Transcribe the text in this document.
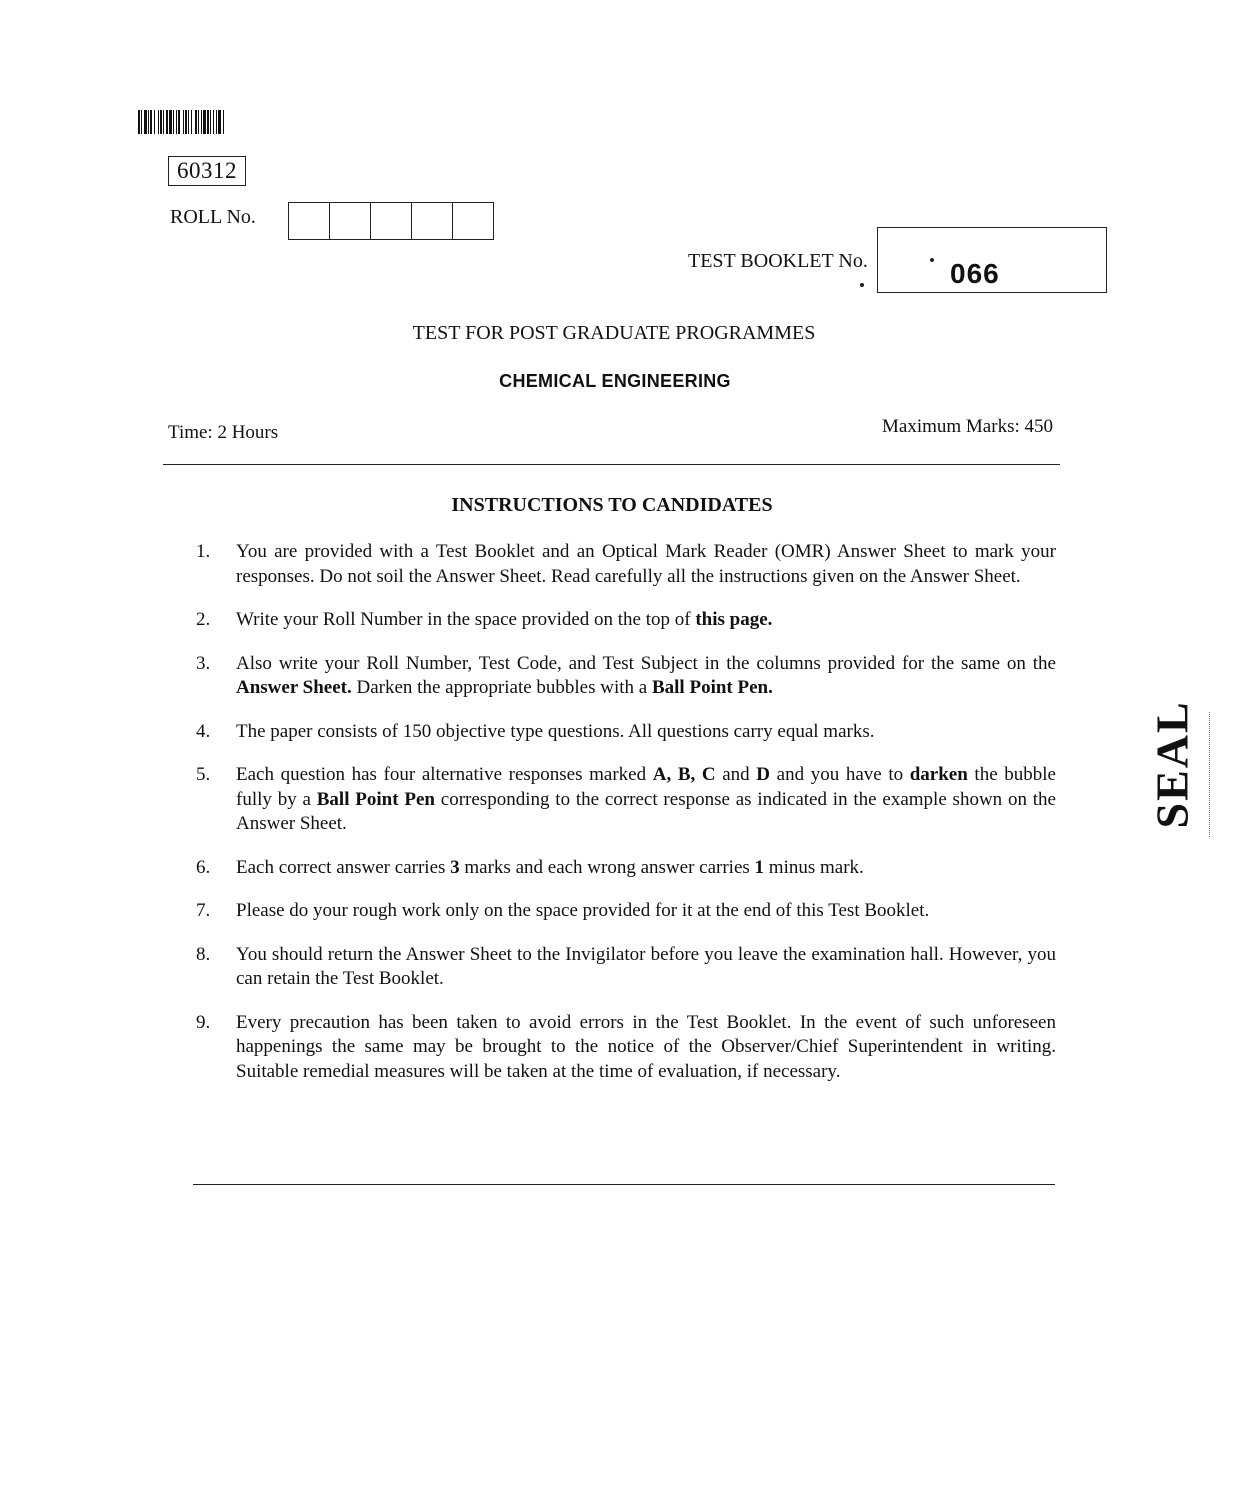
60312
ROLL No.
TEST BOOKLET No.	066
TEST FOR POST GRADUATE PROGRAMMES
CHEMICAL ENGINEERING
Time: 2 Hours	Maximum Marks: 450
INSTRUCTIONS TO CANDIDATES
1.	You are provided with a Test Booklet and an Optical Mark Reader (OMR) Answer Sheet to mark your responses. Do not soil the Answer Sheet. Read carefully all the instructions given on the Answer Sheet.
2.	Write your Roll Number in the space provided on the top of this page.
3.	Also write your Roll Number, Test Code, and Test Subject in the columns provided for the same on the Answer Sheet. Darken the appropriate bubbles with a Ball Point Pen.
4.	The paper consists of 150 objective type questions. All questions carry equal marks.
5.	Each question has four alternative responses marked A, B, C and D and you have to darken the bubble fully by a Ball Point Pen corresponding to the correct response as indicated in the example shown on the Answer Sheet.
6.	Each correct answer carries 3 marks and each wrong answer carries 1 minus mark.
7.	Please do your rough work only on the space provided for it at the end of this Test Booklet.
8.	You should return the Answer Sheet to the Invigilator before you leave the examination hall. However, you can retain the Test Booklet.
9.	Every precaution has been taken to avoid errors in the Test Booklet. In the event of such unforeseen happenings the same may be brought to the notice of the Observer/Chief Superintendent in writing. Suitable remedial measures will be taken at the time of evaluation, if necessary.
SEAL
